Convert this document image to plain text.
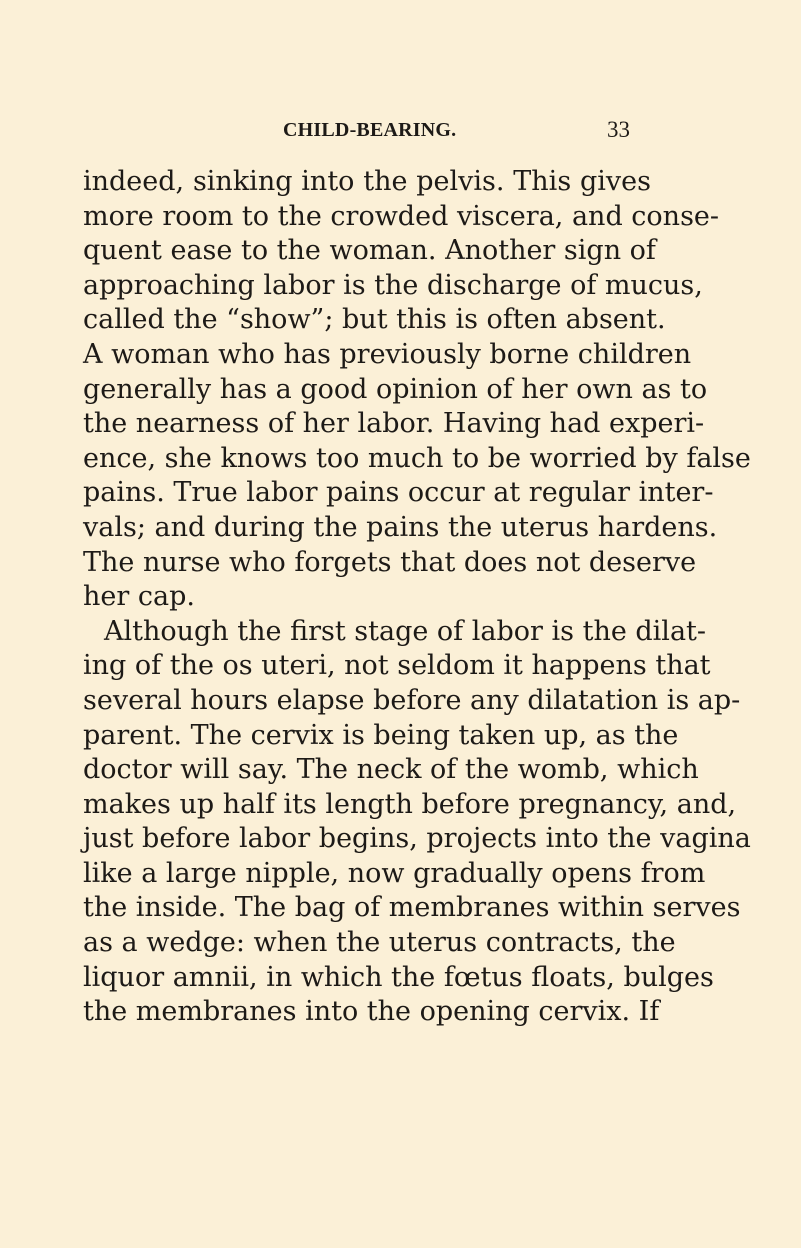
CHILD-BEARING.	33
indeed, sinking into the pelvis. This gives
more room to the crowded viscera, and conse-
quent ease to the woman. Another sign of
approaching labor is the discharge of mucus,
called the “show”; but this is often absent.
A woman who has previously borne children
generally has a good opinion of her own as to
the nearness of her labor. Having had experi-
ence, she knows too much to be worried by false
pains. True labor pains occur at regular inter-
vals; and during the pains the uterus hardens.
The nurse who forgets that does not deserve
her cap.
Although the first stage of labor is the dilat-
ing of the os uteri, not seldom it happens that
several hours elapse before any dilatation is ap-
parent. The cervix is being taken up, as the
doctor will say. The neck of the womb, which
makes up half its length before pregnancy, and,
just before labor begins, projects into the vagina
like a large nipple, now gradually opens from
the inside. The bag of membranes within serves
as a wedge: when the uterus contracts, the
liquor amnii, in which the fœtus floats, bulges
the membranes into the opening cervix. If
